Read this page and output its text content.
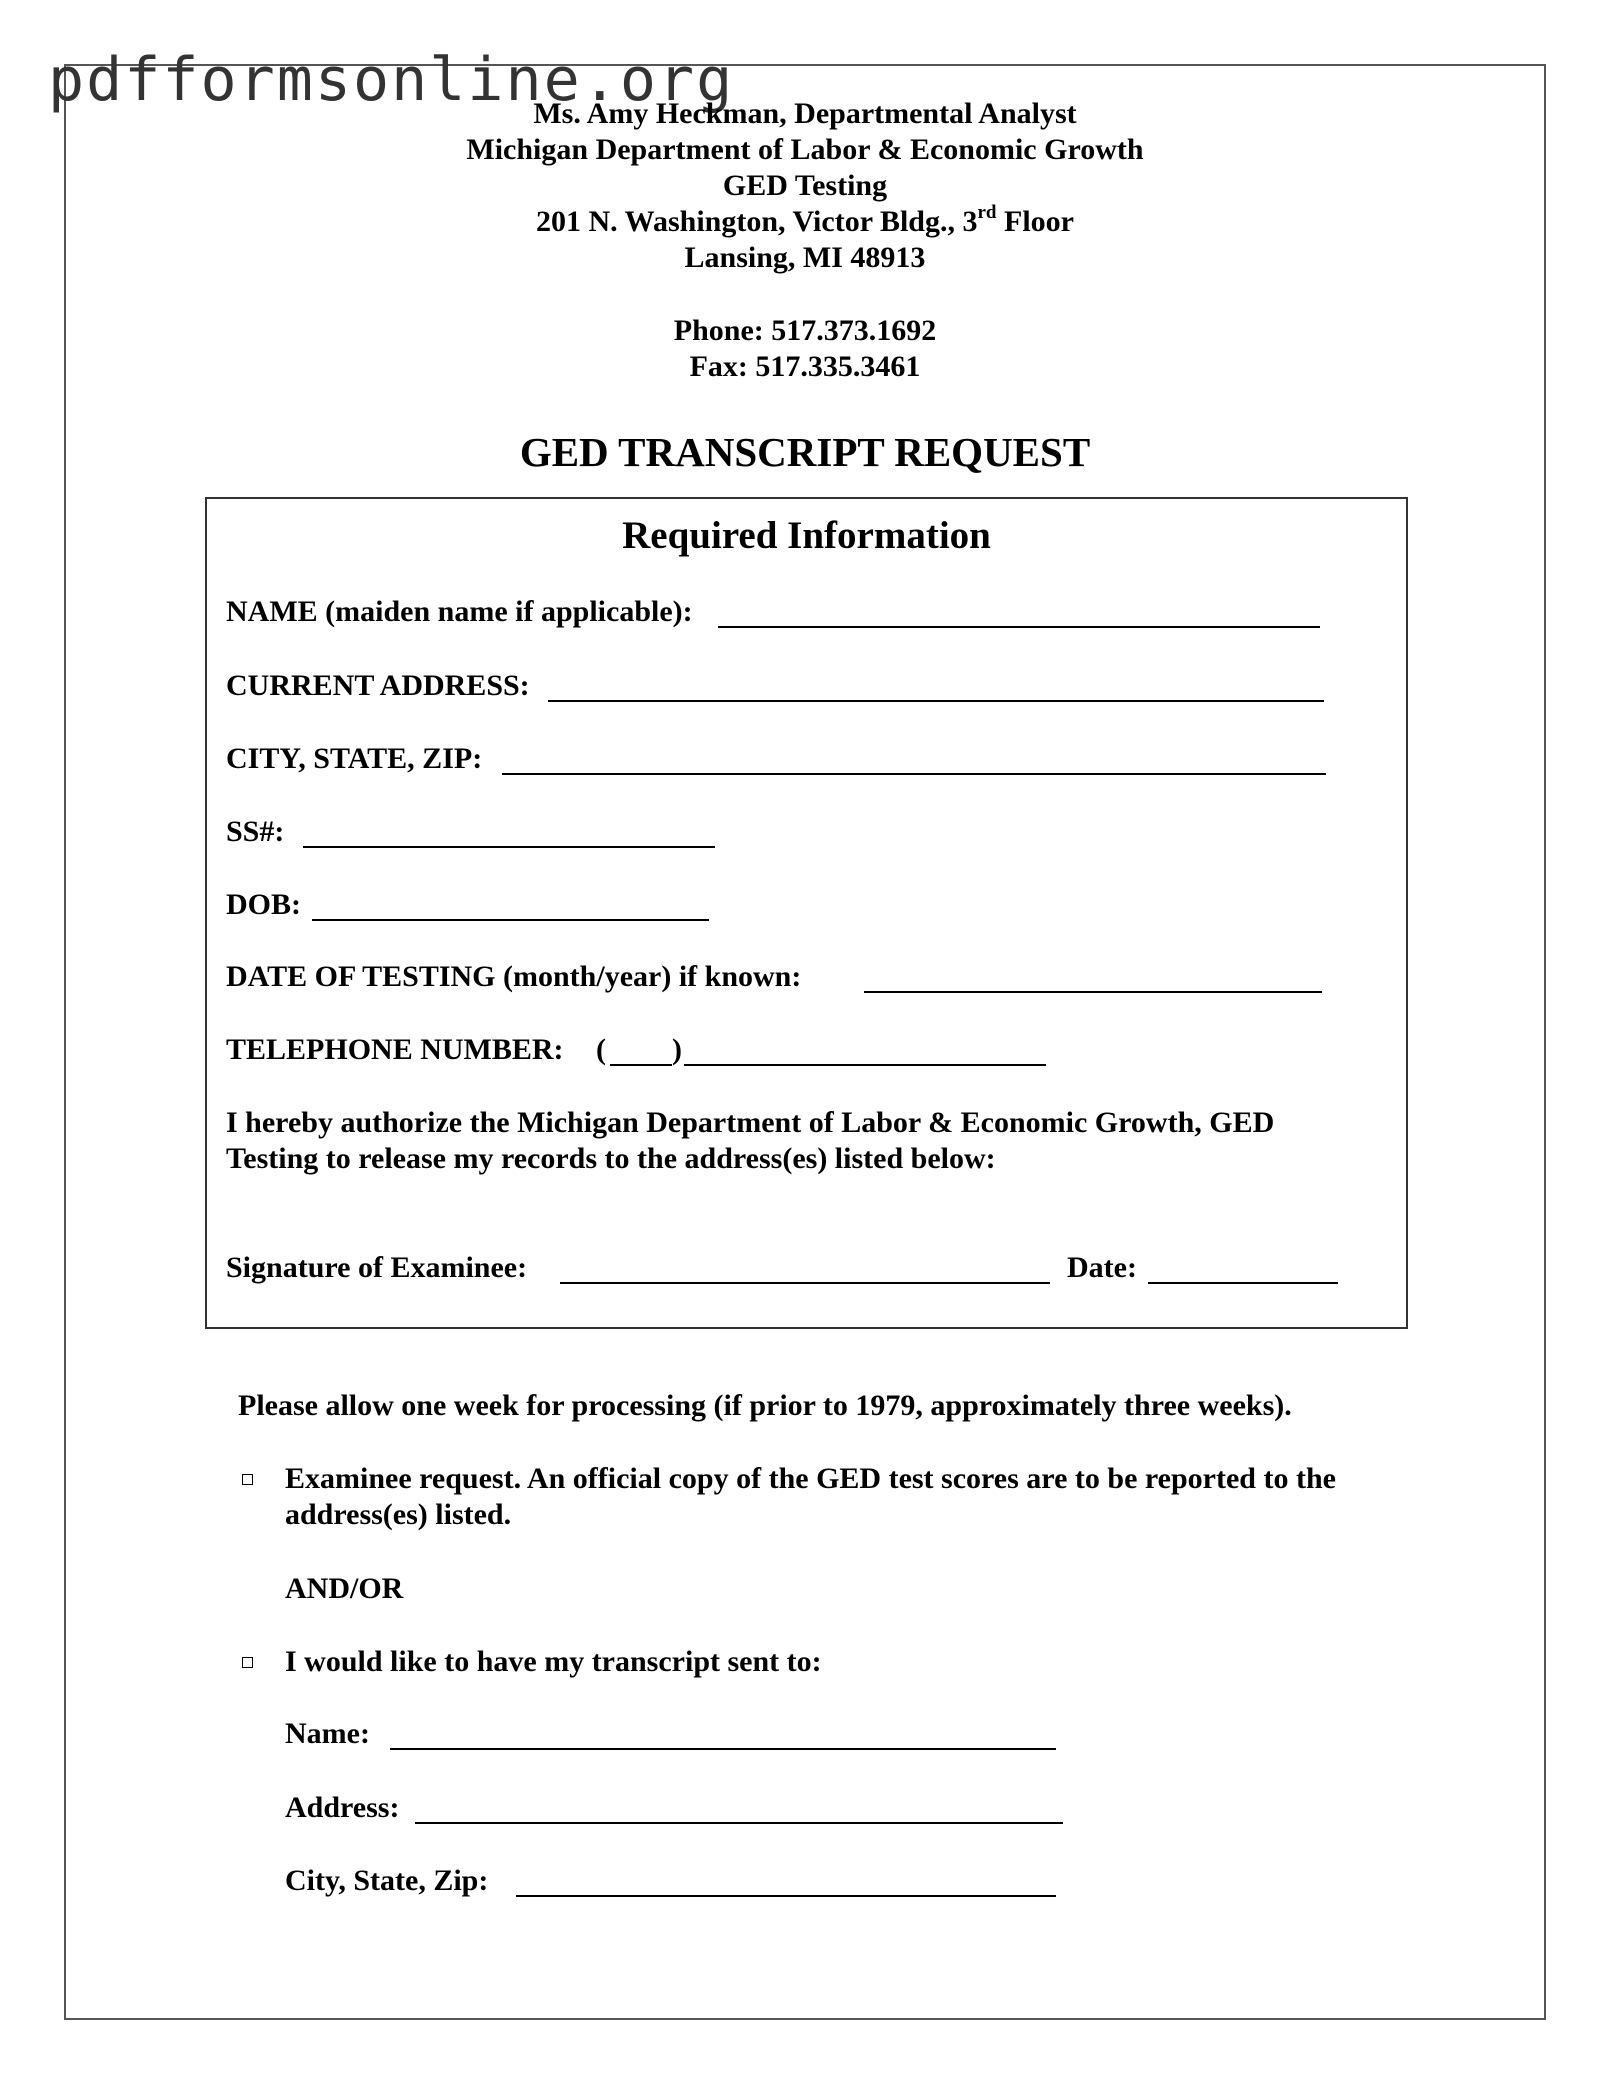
pdfformsonline.org
Ms. Amy Heckman, Departmental Analyst
Michigan Department of Labor & Economic Growth
GED Testing
201 N. Washington, Victor Bldg., 3rd Floor
Lansing, MI 48913
Phone: 517.373.1692
Fax: 517.335.3461
GED TRANSCRIPT REQUEST
Required Information
NAME (maiden name if applicable):
CURRENT ADDRESS:
CITY, STATE, ZIP:
SS#:
DOB:
DATE OF TESTING (month/year) if known:
TELEPHONE NUMBER: ( )
I hereby authorize the Michigan Department of Labor & Economic Growth, GED
Testing to release my records to the address(es) listed below:
Signature of Examinee:	Date:
Please allow one week for processing (if prior to 1979, approximately three weeks).
Examinee request. An official copy of the GED test scores are to be reported to the
address(es) listed.
AND/OR
I would like to have my transcript sent to:
Name:
Address:
City, State, Zip:
